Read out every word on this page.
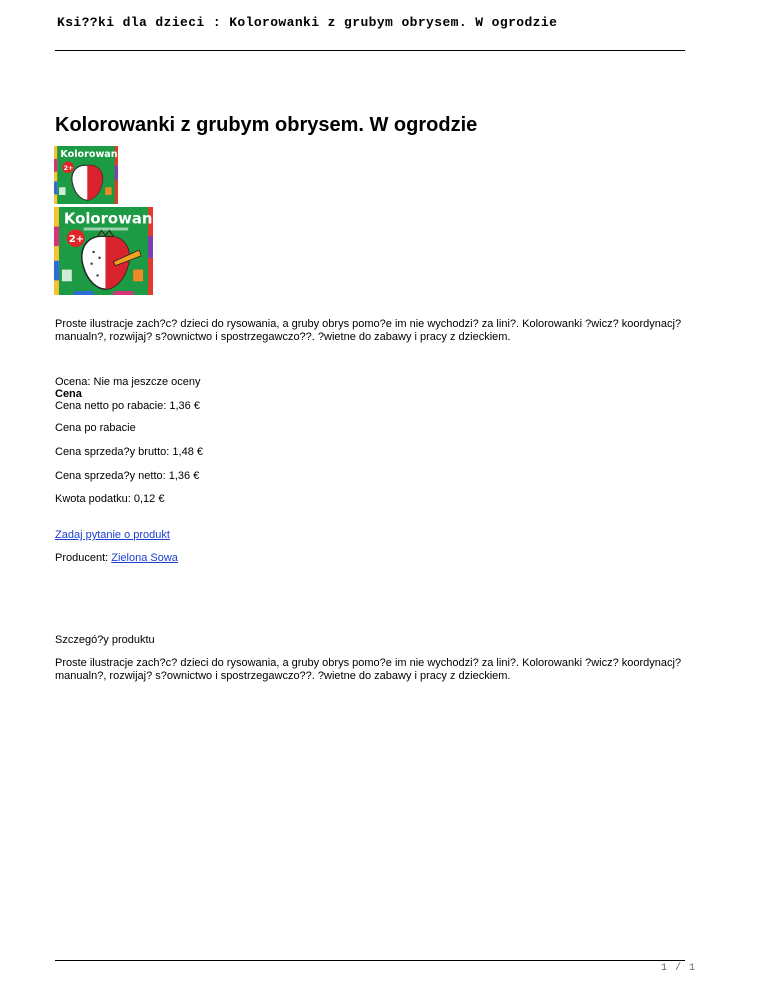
Ksi??ki dla dzieci : Kolorowanki z grubym obrysem. W ogrodzie
Kolorowanki z grubym obrysem. W ogrodzie
Kolorowanki
2+
Kolorowanki
2+
Proste ilustracje zach?c? dzieci do rysowania, a gruby obrys pomo?e im nie wychodzi? za lini?. Kolorowanki ?wicz? koordynacj? manualn?, rozwijaj? s?ownictwo i spostrzegawczo??. ?wietne do zabawy i pracy z dzieckiem.
Ocena: Nie ma jeszcze oceny
Cena
Cena netto po rabacie: 1,36 €
Cena po rabacie
Cena sprzeda?y brutto: 1,48 €
Cena sprzeda?y netto: 1,36 €
Kwota podatku: 0,12 €
Zadaj pytanie o produkt
Producent: Zielona Sowa
Szczegó?y produktu
Proste ilustracje zach?c? dzieci do rysowania, a gruby obrys pomo?e im nie wychodzi? za lini?. Kolorowanki ?wicz? koordynacj? manualn?, rozwijaj? s?ownictwo i spostrzegawczo??. ?wietne do zabawy i pracy z dzieckiem.
1 / 1
